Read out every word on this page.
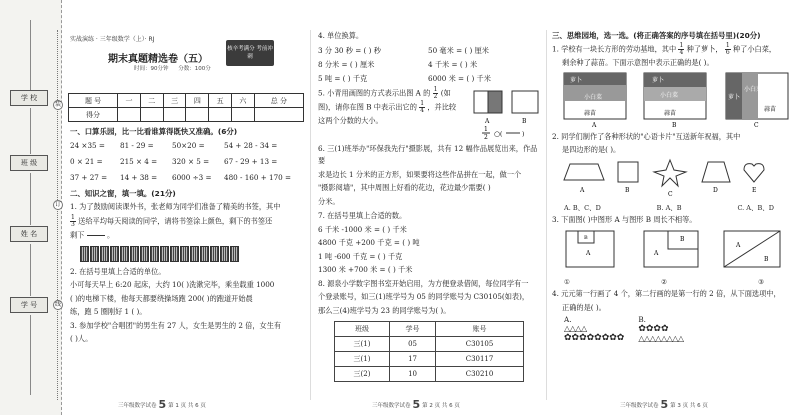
学 校
班 级
姓 名
学 号
装
订
线
实战演练 · 三年级数学（上）· RJ
期末真题精选卷（五）
核辛考满分 考前冲刺
时间：90分钟 分数：100分
题 号	一	二	三	四	五	六	总 分
得分							
一、口算乐园，比一比看谁算得既快又准确。(6分)
24 ×35 =	81 - 29 =	50×20 =	54 + 28 - 34 =
0 × 21 =	215 × 4 =	320 × 5 =	67 - 29 + 13 =
37 + 27 =	14 + 38 =	6000 ÷3 =	480 - 160 + 170 =
二、知识之窗，填一填。(21分)
1. 为了鼓励阅读课外书，张老师为同学们准备了精美的书签，其中
$\frac{1}{3}$ 送给平均每天阅读的同学，请将书签涂上颜色，剩下的书签还
剩下

	。
2. 在括号里填上合适的单位。
小可每天早上 6:20 起床，大约 10( )洗漱完毕，乘坐载重 1000
( )的电梯下楼，他每天都要绕操场跑 200( )的跑道开始晨
练，跑 5 圈刚好 1 ( )。
3. 参加学校"合唱团"的男生有 27 人，女生是男生的 2 倍，女生有
( )人。
三年级数学试卷 5 第 1 页 共 6 页
4. 单位换算。
3 分 30 秒 = ( ) 秒	50 毫米 = ( ) 厘米
8 分米 = ( ) 厘米	4 千米 = ( ) 米
5 吨 = ( ) 千克	6000 米 = ( ) 千米
5. 小青用画图的方式表示出图 A 的 $\frac{1}{2}$ (如
图)，请你在图 B 中表示出它的 $\frac{1}{4}$ ，并比较
这两个分数的大小。	A	B
1
2 ○ (	)
6. 三(1)班举办"环保我先行"摄影展，共有 12 幅作品展览出来，作品要
求是边长 1 分米的正方形，如果要将这些作品拼在一起，做一个
"摄影阅墙"，其中周围上好看的花边，花边最少需要( )
分米。
7. 在括号里填上合适的数。
6 千米 -1000 米 = ( ) 千米
4800 千克 +200 千克 = ( ) 吨
1 吨 -600 千克 = ( ) 千克
1300 米 +700 米 = ( ) 千米
8. 源泉小学数字图书室开始启用，为方便登录借阅，每位同学有一
个登录账号，如三(1)班学号为 05 的同学账号为 C30105(如表)，
那么三(4)班学号为 23 的同学账号为( )。
班级	学号	账号
三(1)	05	C30105
三(1)	17	C30117
三(2)	10	C30210
三年级数学试卷 5 第 2 页 共 6 页
三、思维园地，选一选。(将正确答案的序号填在括号里)(20分)
1. 学校有一块长方形的劳动基地，其中 $\frac{1}{4}$ 种了萝卜， $\frac{1}{6}$ 种了小白菜，
剩余种了蒜苗。下面示意图中表示正确的是( )。
萝卜
小白菜
蒜苗
A
萝卜
小白菜
蒜苗
B
萝卜
小白菜
蒜苗
C
2. 同学们制作了各种形状的"心语卡片"互送新年祝福，其中
是四边形的是( )。
A	B
C
D	E
A. B、C、D	B. A、B	C. A、B、D
3. 下面图( )中图形 A 与图形 B 周长不相等。
A
B
A
B
A
B
①	②	③
4. 元元第一行画了 4 个，第二行画的是第一行的 2 倍，从下面选项中，
正确的是( )。
A.
△△△△
✿✿✿✿✿✿✿✿
B.
✿✿✿✿
△△△△△△△△
三年级数学试卷 5 第 3 页 共 6 页
